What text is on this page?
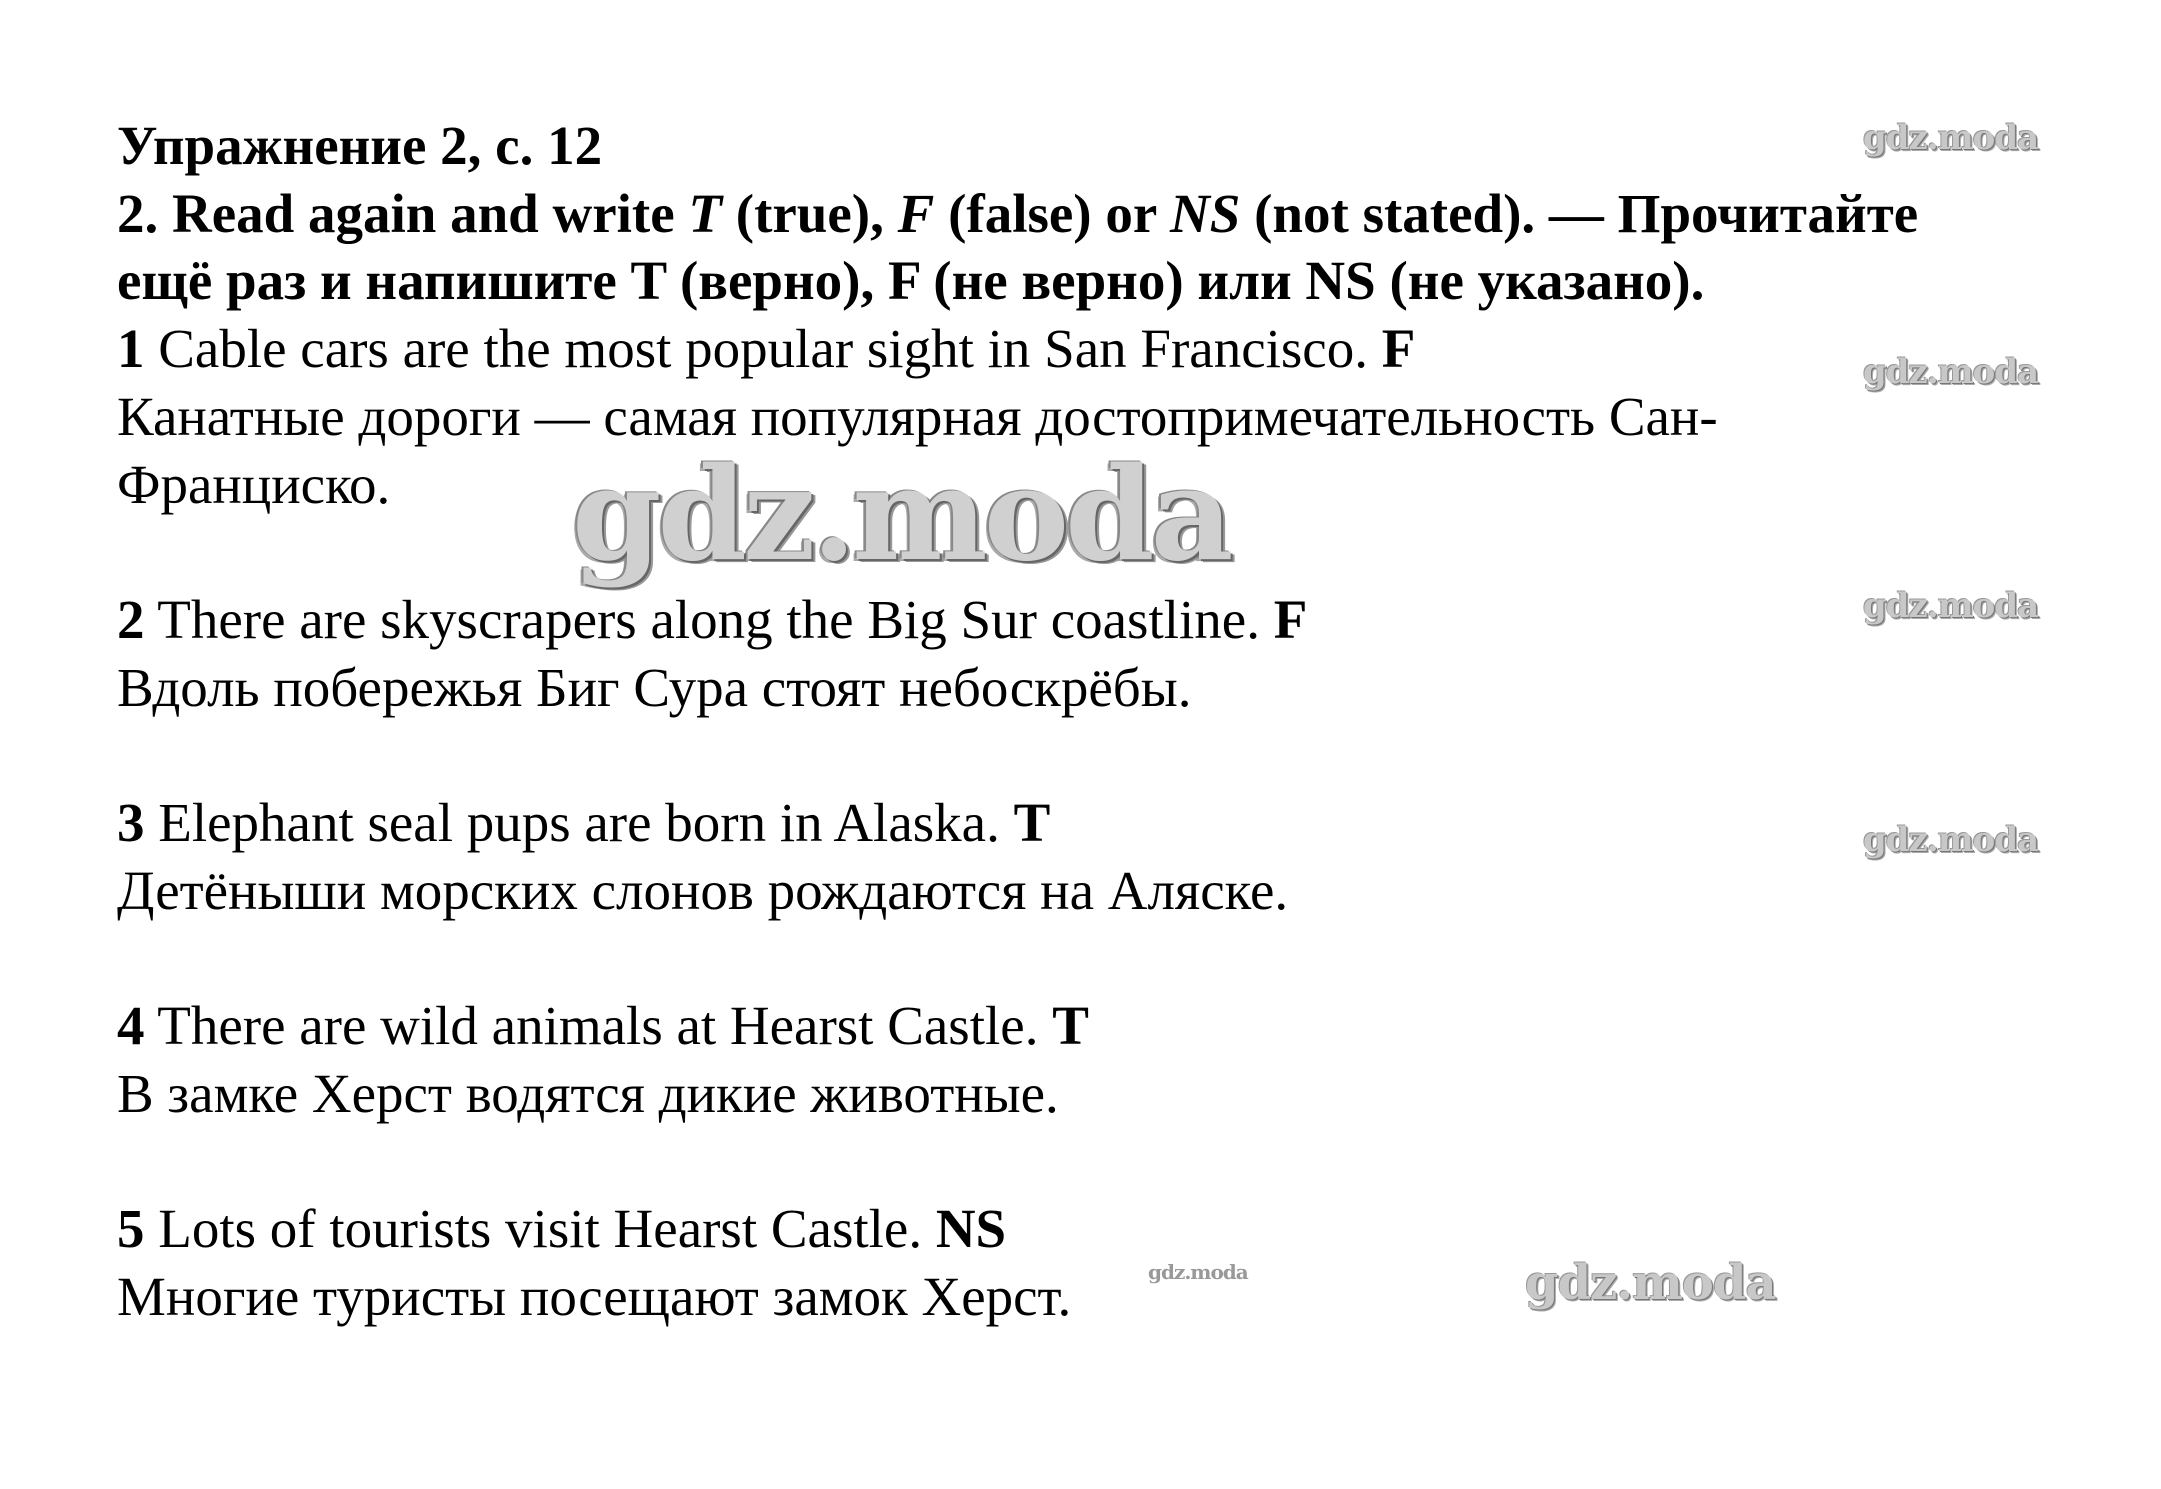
Упражнение 2, с. 12
2. Read again and write T (true), F (false) or NS (not stated). — Прочитайте
ещё раз и напишите T (верно), F (не верно) или NS (не указано).
1 Cable cars are the most popular sight in San Francisco. F
Канатные дороги — самая популярная достопримечательность Сан-
Франциско.
2 There are skyscrapers along the Big Sur coastline. F
Вдоль побережья Биг Сура стоят небоскрёбы.
3 Elephant seal pups are born in Alaska. T
Детёныши морских слонов рождаются на Аляске.
4 There are wild animals at Hearst Castle. T
В замке Херст водятся дикие животные.
5 Lots of tourists visit Hearst Castle. NS
Многие туристы посещают замок Херст.
gdz.moda
gdz.moda
gdz.moda
gdz.moda
gdz.moda
gdz.moda
gdz.moda
